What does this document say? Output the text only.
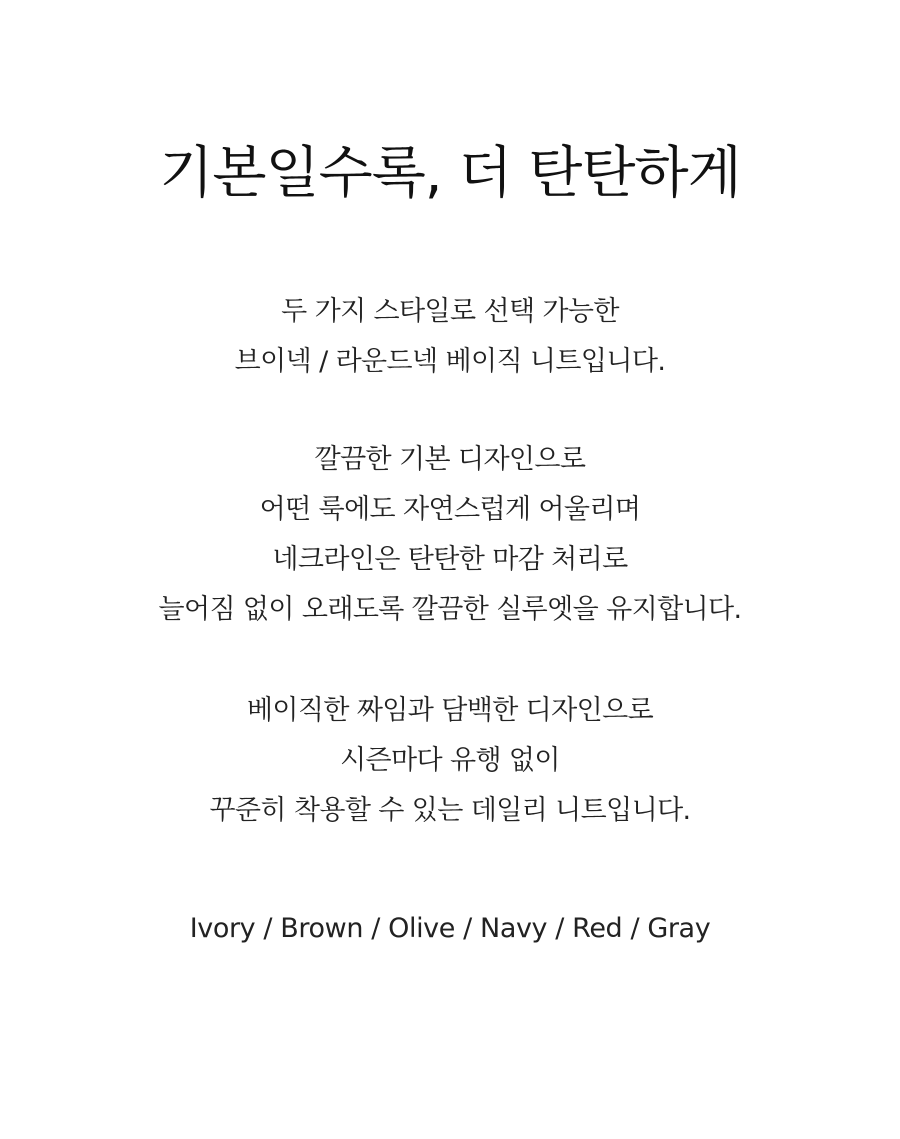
기본일수록, 더 탄탄하게
두 가지 스타일로 선택 가능한
브이넥 / 라운드넥 베이직 니트입니다.
깔끔한 기본 디자인으로
어떤 룩에도 자연스럽게 어울리며
네크라인은 탄탄한 마감 처리로
늘어짐 없이 오래도록 깔끔한 실루엣을 유지합니다.
베이직한 짜임과 담백한 디자인으로
시즌마다 유행 없이
꾸준히 착용할 수 있는 데일리 니트입니다.
Ivory / Brown / Olive / Navy / Red / Gray
